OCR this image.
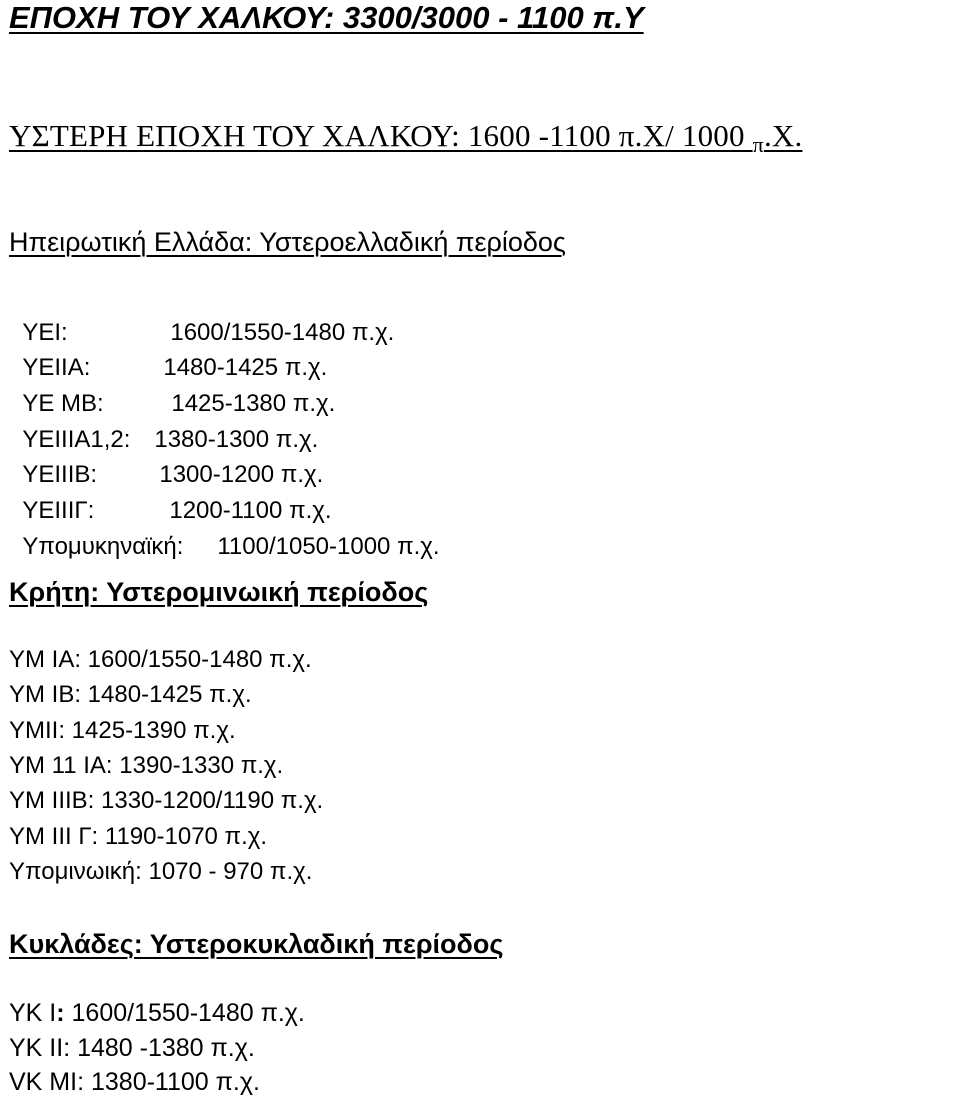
ΕΠΟΧΗ ΤΟΥ ΧΑΛΚΟΥ: 3300/3000 - 1100 π.Υ
ΥΣΤΕΡΗ ΕΠΟΧΗ ΤΟΥ ΧΑΛΚΟΥ: 1600 -1100 π.Χ/ 1000 $_\pi$.Χ.
Ηπειρωτική Ελλάδα: Υστεροελλαδική περίοδος

ΥΕΙ:	1600/1550-1480 π.χ.

ΥΕΙΙΑ:	1480-1425 π.χ.

ΥΕ ΜΒ:	1425-1380 π.χ.

ΥΕΙΙΙΑ1,2: 1380-1300 π.χ.

ΥΕΙΙΙΒ:	1300-1200 π.χ.

ΥΕΙΙΙΓ:	1200-1100 π.χ.

Υπομυκηναϊκή: 1100/1050-1000 π.χ.

Κρήτη: Υστερομινωική περίοδος
ΥΜ ΙΑ: 1600/1550-1480 π.χ.
ΥΜ ΙΒ: 1480-1425 π.χ.
ΥΜΙΙ: 1425-1390 π.χ.
ΥΜ 11 ΙΑ: 1390-1330 π.χ.
ΥΜ ΙΙΙΒ: 1330-1200/1190 π.χ.
ΥΜ ΙΙΙ Γ: 1190-1070 π.χ.
Υπομινωική: 1070 - 970 π.χ.
Κυκλάδες: Υστεροκυκλαδική περίοδος
ΥΚ Ι: 1600/1550-1480 π.χ.
ΥΚ ΙΙ: 1480 -1380 π.χ.
VK ΜΙ: 1380-1100 π.χ.
